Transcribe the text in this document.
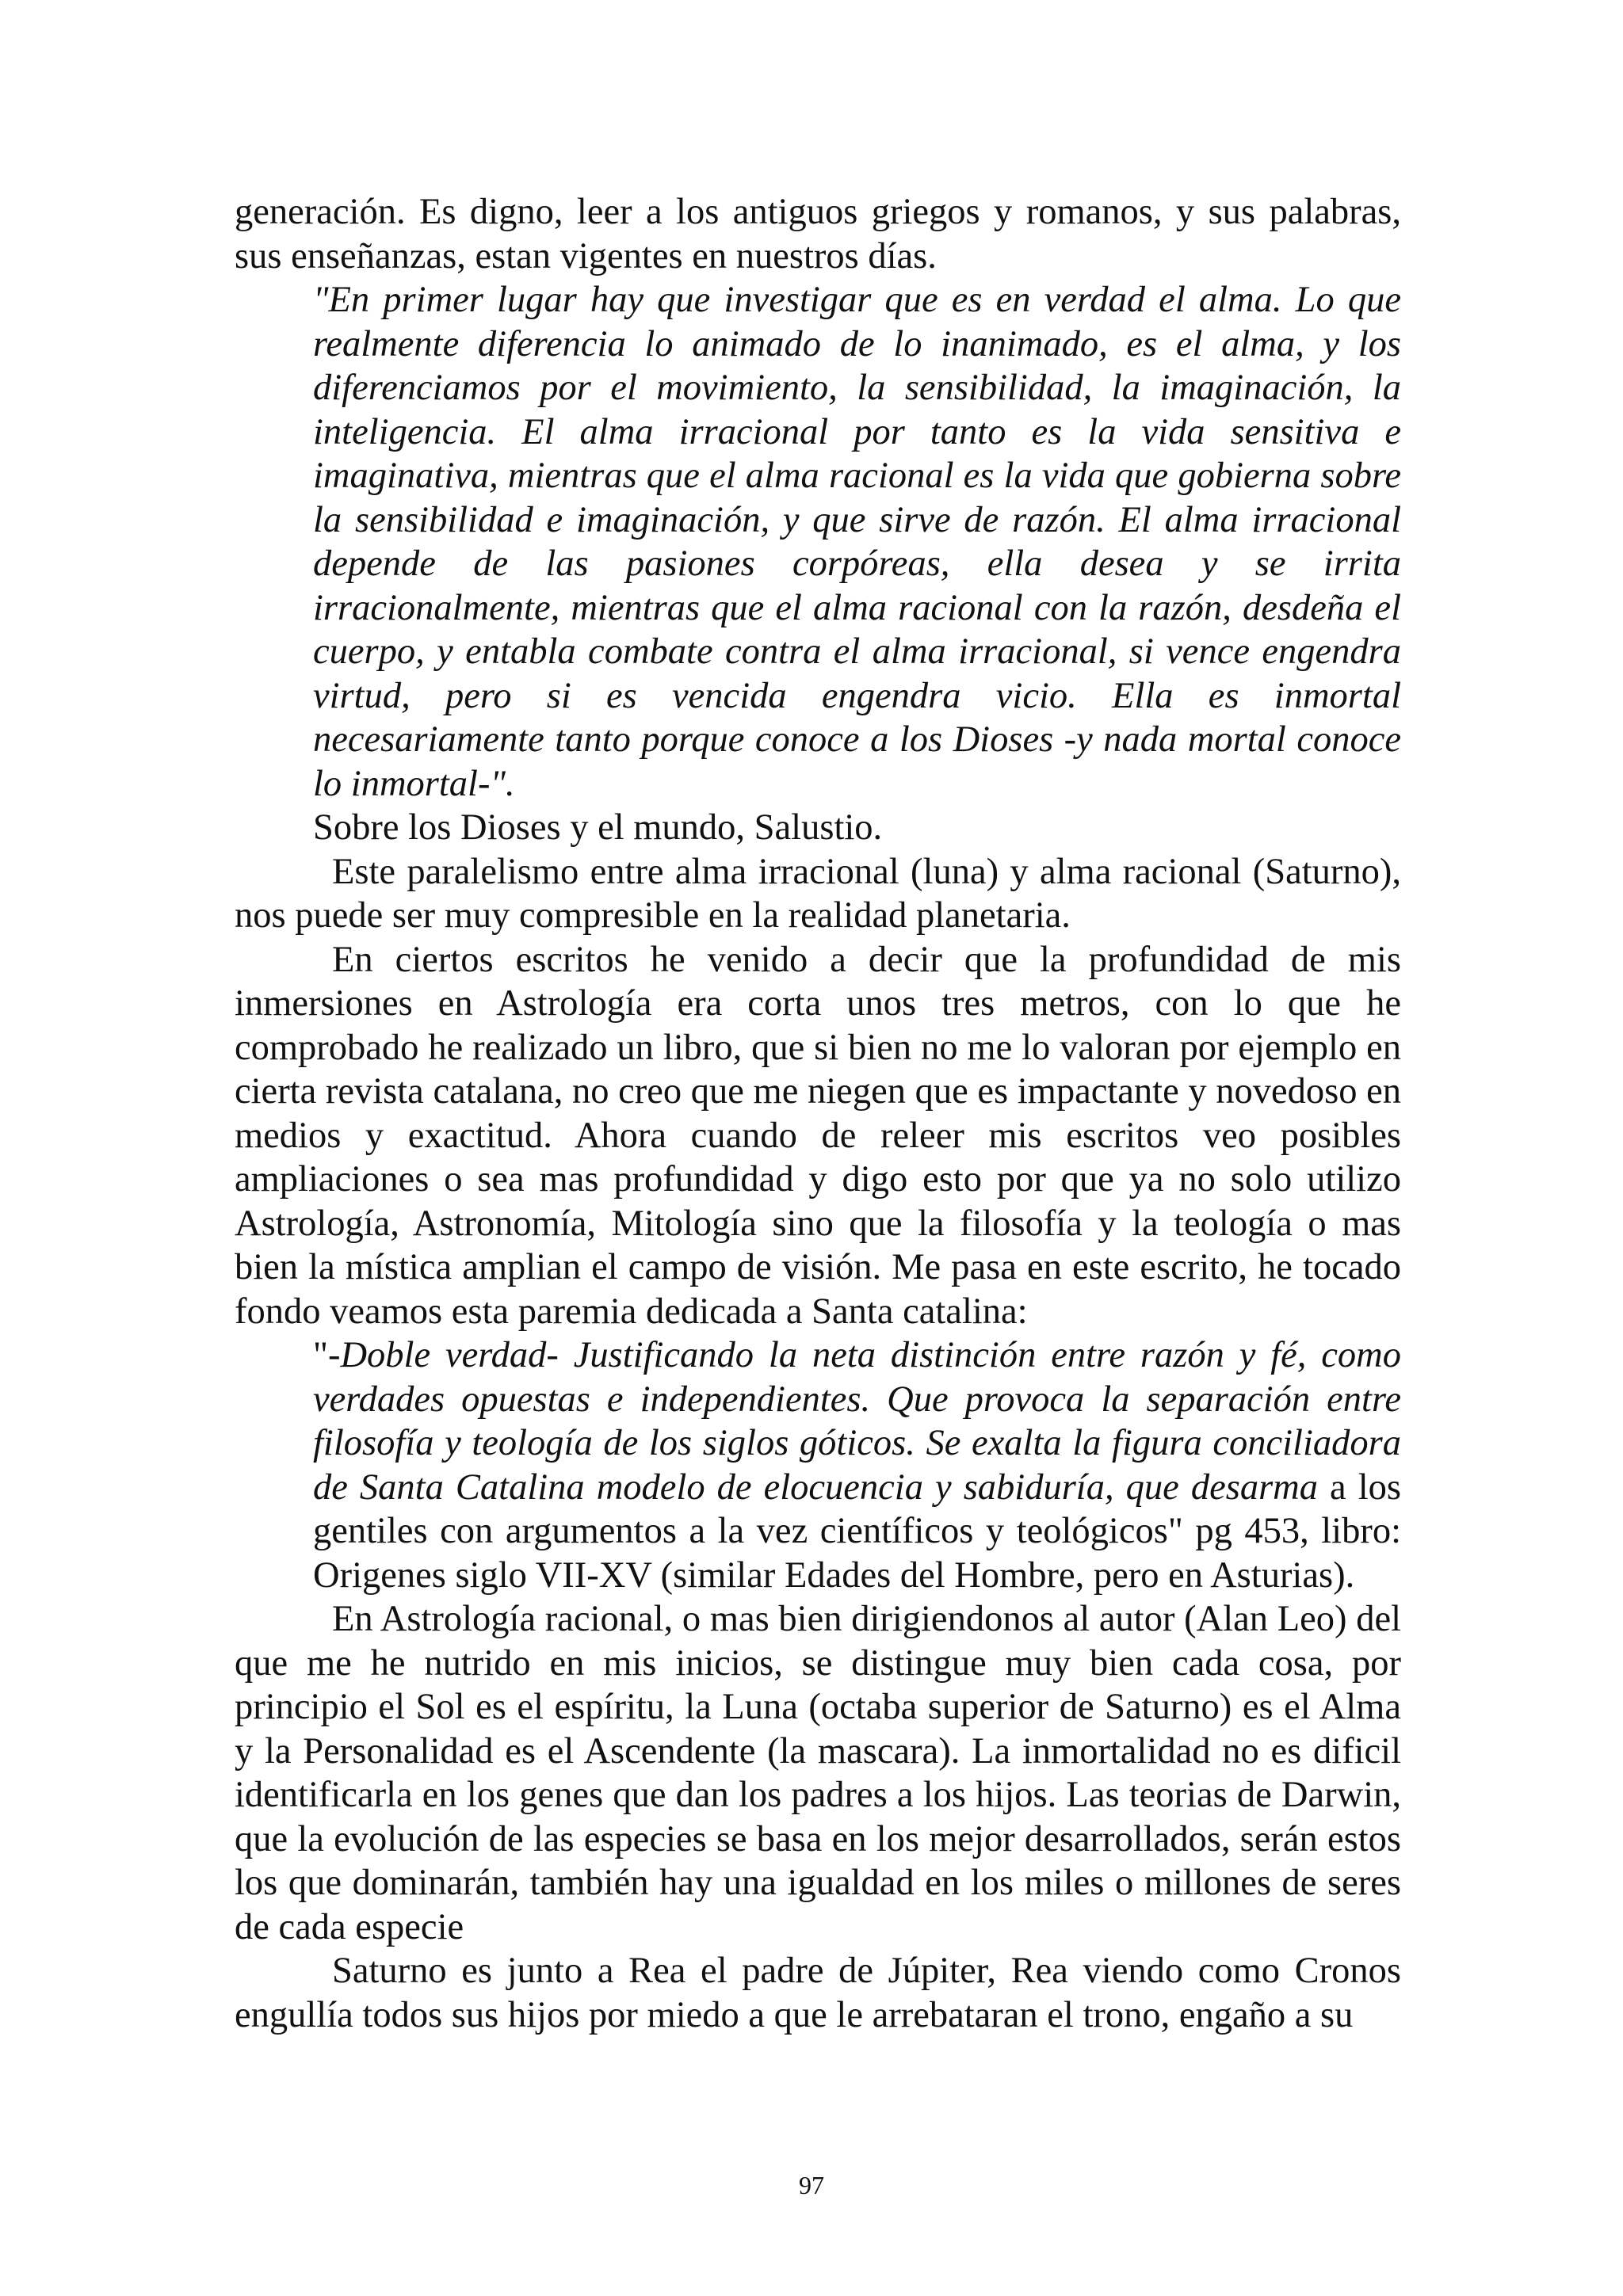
generación. Es digno, leer a los antiguos griegos y romanos, y sus palabras, sus enseñanzas, estan vigentes en nuestros días.

"En primer lugar hay que investigar que es en verdad el alma. Lo que realmente diferencia lo animado de lo inanimado, es el alma, y los diferenciamos por el movimiento, la sensibilidad, la imaginación, la inteligencia. El alma irracional por tanto es la vida sensitiva e imaginativa, mientras que el alma racional es la vida que gobierna sobre la sensibilidad e imaginación, y que sirve de razón. El alma irracional depende de las pasiones corpóreas, ella desea y se irrita irracionalmente, mientras que el alma racional con la razón, desdeña el cuerpo, y entabla combate contra el alma irracional, si vence engendra virtud, pero si es vencida engendra vicio. Ella es inmortal necesariamente tanto porque conoce a los Dioses -y nada mortal conoce lo inmortal-".

Sobre los Dioses y el mundo, Salustio.

Este paralelismo entre alma irracional (luna) y alma racional (Saturno), nos puede ser muy compresible en la realidad planetaria.

En ciertos escritos he venido a decir que la profundidad de mis inmersiones en Astrología era corta unos tres metros, con lo que he comprobado he realizado un libro, que si bien no me lo valoran por ejemplo en cierta revista catalana, no creo que me niegen que es impactante y novedoso en medios y exactitud. Ahora cuando de releer mis escritos veo posibles ampliaciones o sea mas profundidad y digo esto por que ya no solo utilizo Astrología, Astronomía, Mitología sino que la filosofía y la teología o mas bien la mística amplian el campo de visión. Me pasa en este escrito, he tocado fondo veamos esta paremia dedicada a Santa catalina:

"-Doble verdad- Justificando la neta distinción entre razón y fé, como verdades opuestas e independientes. Que provoca la separación entre filosofía y teología de los siglos góticos. Se exalta la figura conciliadora de Santa Catalina modelo de elocuencia y sabiduría, que desarma a los gentiles con argumentos a la vez científicos y teológicos" pg 453, libro: Origenes siglo VII-XV (similar Edades del Hombre, pero en Asturias).

En Astrología racional, o mas bien dirigiendonos al autor (Alan Leo) del que me he nutrido en mis inicios, se distingue muy bien cada cosa, por principio el Sol es el espíritu, la Luna (octaba superior de Saturno) es el Alma y la Personalidad es el Ascendente (la mascara). La inmortalidad no es dificil identificarla en los genes que dan los padres a los hijos. Las teorias de Darwin, que la evolución de las especies se basa en los mejor desarrollados, serán estos los que dominarán, también hay una igualdad en los miles o millones de seres de cada especie

Saturno es junto a Rea el padre de Júpiter, Rea viendo como Cronos engullía todos sus hijos por miedo a que le arrebataran el trono, engaño a su

97
